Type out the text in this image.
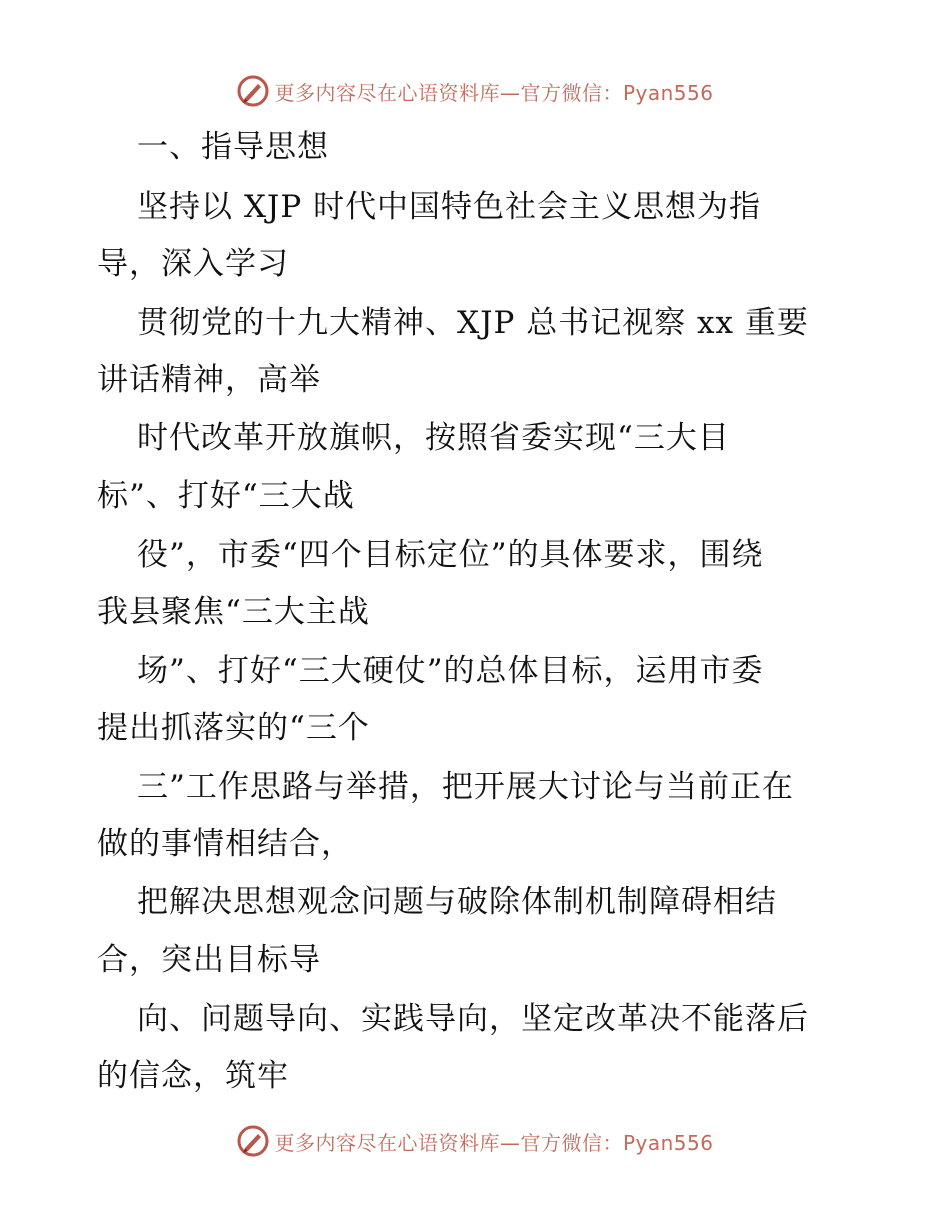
更多内容尽在心语资料库—官方微信：Pyan556
一、指导思想
坚持以 XJP 时代中国特色社会主义思想为指
导，深入学习
贯彻党的十九大精神、XJP 总书记视察 xx 重要
讲话精神，高举
时代改革开放旗帜，按照省委实现“三大目
标”、打好“三大战
役”，市委“四个目标定位”的具体要求，围绕
我县聚焦“三大主战
场”、打好“三大硬仗”的总体目标，运用市委
提出抓落实的“三个
三”工作思路与举措，把开展大讨论与当前正在
做的事情相结合，
把解决思想观念问题与破除体制机制障碍相结
合，突出目标导
向、问题导向、实践导向，坚定改革决不能落后
的信念，筑牢
更多内容尽在心语资料库—官方微信：Pyan556
